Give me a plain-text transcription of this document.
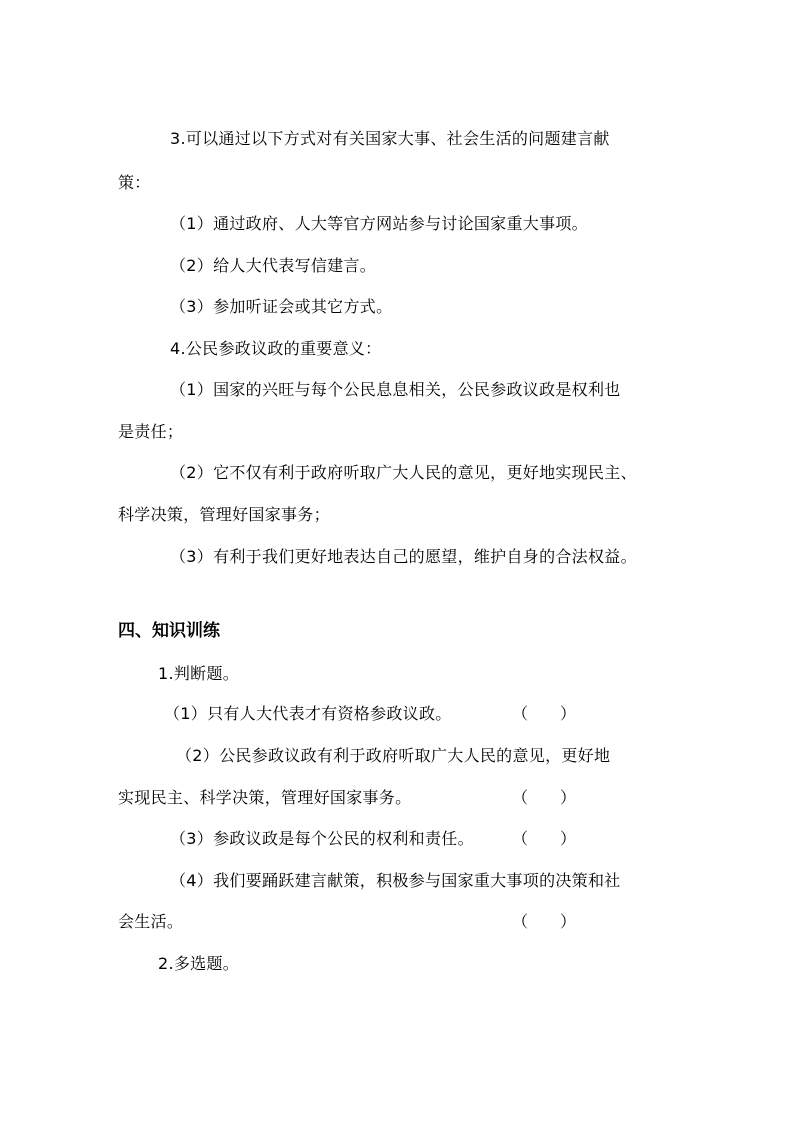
3.可以通过以下方式对有关国家大事、社会生活的问题建言献
策：
（1）通过政府、人大等官方网站参与讨论国家重大事项。
（2）给人大代表写信建言。
（3）参加听证会或其它方式。
4.公民参政议政的重要意义：
（1）国家的兴旺与每个公民息息相关，公民参政议政是权利也
是责任；
（2）它不仅有利于政府听取广大人民的意见，更好地实现民主、
科学决策，管理好国家事务；
（3）有利于我们更好地表达自己的愿望，维护自身的合法权益。
四、知识训练
1.判断题。
（1）只有人大代表才有资格参政议政。	（　　）
（2）公民参政议政有利于政府听取广大人民的意见，更好地
实现民主、科学决策，管理好国家事务。	（　　）
（3）参政议政是每个公民的权利和责任。 （　　）
（4）我们要踊跃建言献策，积极参与国家重大事项的决策和社
会生活。	（　　）
2.多选题。
